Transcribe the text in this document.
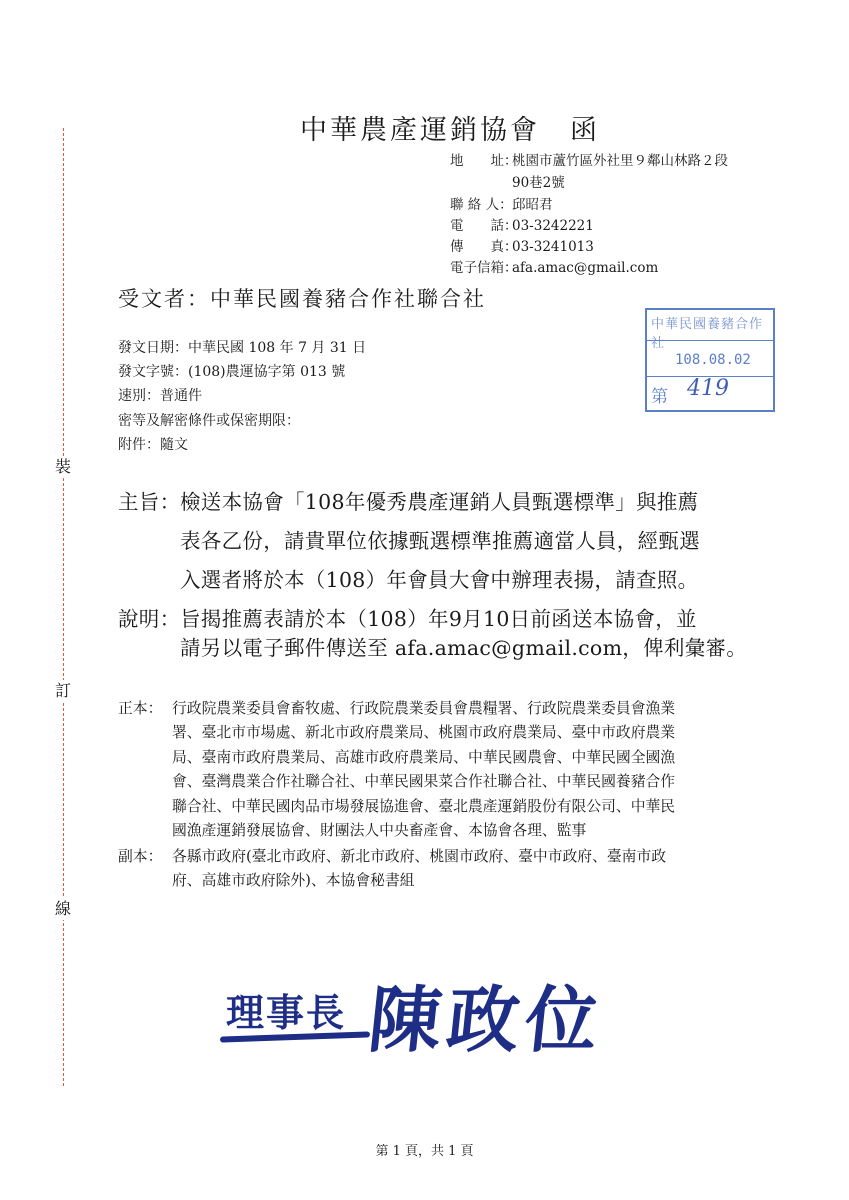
裝
訂
線
中華農產運銷協會 函
地　　址：桃園市蘆竹區外社里９鄰山林路２段
90巷2號
聯 絡 人：邱昭君
電　　話：03-3242221
傳　　真：03-3241013
電子信箱：afa.amac@gmail.com
受文者：中華民國養豬合作社聯合社
發文日期：中華民國 108 年 7 月 31 日
發文字號：(108)農運協字第 013 號
速別：普通件
密等及解密條件或保密期限：
附件：隨文
中華民國養豬合作社
108.08.02
第 419
主旨： 檢送本協會「108年優秀農產運銷人員甄選標準」與推薦
表各乙份，請貴單位依據甄選標準推薦適當人員，經甄選
入選者將於本（108）年會員大會中辦理表揚，請查照。
說明： 旨揭推薦表請於本（108）年9月10日前函送本協會，並
請另以電子郵件傳送至 afa.amac@gmail.com，俾利彙審。
正本： 行政院農業委員會畜牧處、行政院農業委員會農糧署、行政院農業委員會漁業
署、臺北市市場處、新北市政府農業局、桃園市政府農業局、臺中市政府農業
局、臺南市政府農業局、高雄市政府農業局、中華民國農會、中華民國全國漁
會、臺灣農業合作社聯合社、中華民國果菜合作社聯合社、中華民國養豬合作
聯合社、中華民國肉品市場發展協進會、臺北農產運銷股份有限公司、中華民
國漁產運銷發展協會、財團法人中央畜產會、本協會各理、監事
副本： 各縣市政府(臺北市政府、新北市政府、桃園市政府、臺中市政府、臺南市政
府、高雄市政府除外)、本協會秘書組
理事長 陳政位
第 1 頁，共 1 頁
